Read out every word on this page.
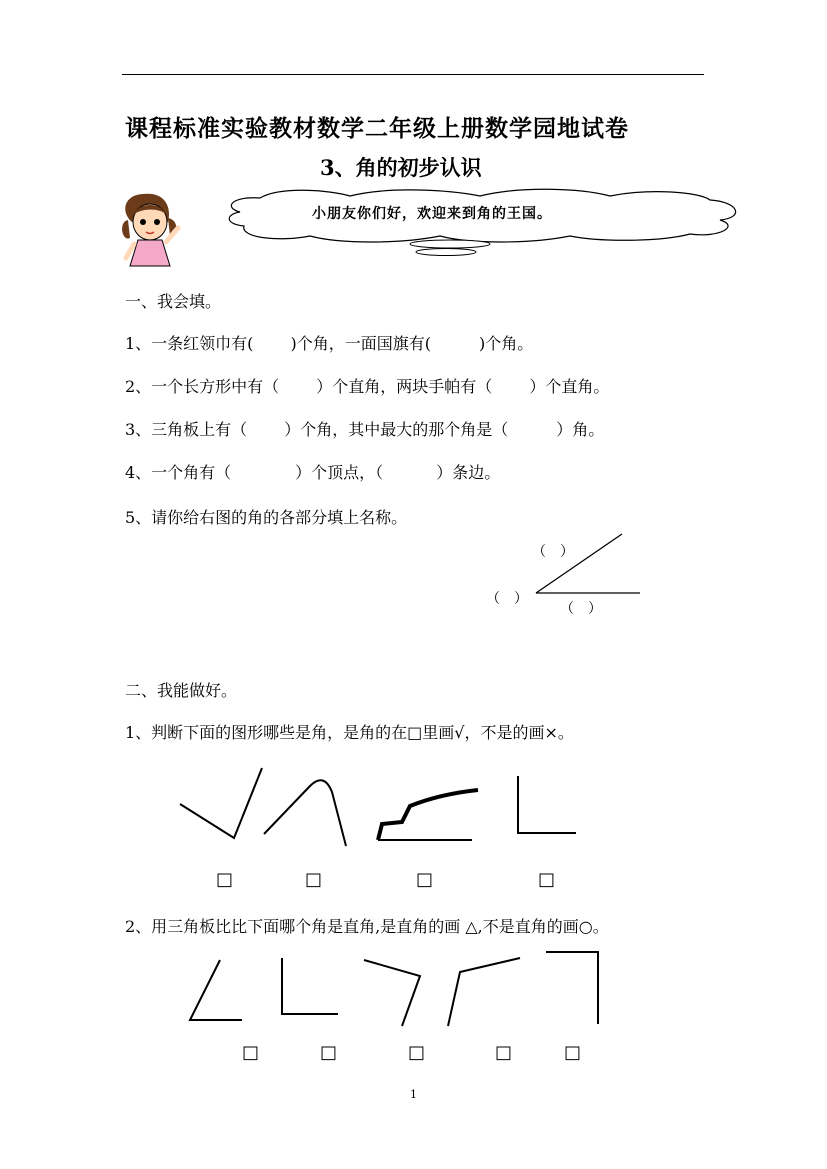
课程标准实验教材数学二年级上册数学园地试卷
3、角的初步认识
小朋友你们好，欢迎来到角的王国。
一、我会填。
1、一条红领巾有(　　 )个角，一面国旗有(　　　)个角。
2、一个长方形中有（　　 ）个直角，两块手帕有（　　 ）个直角。
3、三角板上有（　　 ）个角，其中最大的那个角是（　　　）角。
4、一个角有（　　　　）个顶点，（　　　 ）条边。
5、请你给右图的角的各部分填上名称。
（　）
（　）
（　）
二、我能做好。
1、判断下面的图形哪些是角，是角的在□里画√，不是的画×。
□	□	□	□
2、用三角板比比下面哪个角是直角,是直角的画 △,不是直角的画○。
□	□	□	□	□
1
